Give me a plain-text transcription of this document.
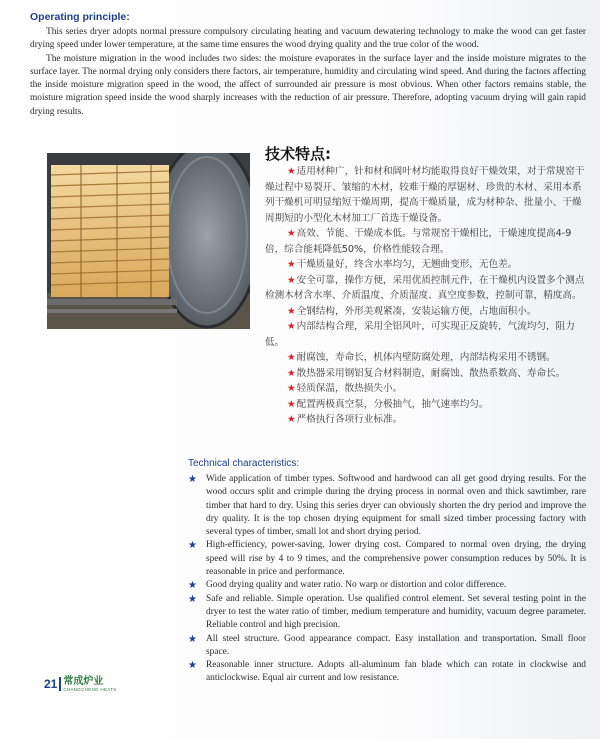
Operating principle:

This series dryer adopts normal pressure compulsory circulating heating and vacuum dewatering technology to make the wood can get faster drying speed under lower temperature, at the same time ensures the wood drying quality and the true color of the wood.

The moisture migration in the wood includes two sides: the moisture evaporates in the surface layer and the inside moisture migrates to the surface layer. The normal drying only considers there factors, air temperature, humidity and circulating wind speed. And during the factors affecting the inside moisture migration speed in the wood, the affect of surrounded air pressure is most obvious. When other factors remains stable, the moisture migration speed inside the wood sharply increases with the reduction of air pressure. Therefore, adopting vacuum drying will gain rapid drying results.

技术特点:

★适用材种广，针和材和阔叶材均能取得良好干燥效果，对于常规窑干燥过程中易裂开、皱缩的木材，较难干燥的厚锯材、珍贵的木材、采用本系列干燥机可明显缩短干燥周期，提高干燥质量，成为材种杂、批量小、干燥周期短的小型化木材加工厂首选干燥设备。

★高效、节能、干燥成本低。与常规窑干燥相比，干燥速度提高4-9倍，综合能耗降低50%，价格性能较合理。

★干燥质量好，终含水率均匀，无翘曲变形，无色差。

★安全可靠，操作方便，采用优质控制元件，在干燥机内设置多个测点检测木材含水率、介质温度、介质湿度、真空度参数，控制可靠，精度高。

★全钢结构，外形美观紧凑，安装运输方便，占地面积小。

★内部结构合理，采用全铝风叶，可实现正反旋转，气流均匀，阻力低。

★耐腐蚀，寿命长，机体内壁防腐处理，内部结构采用不锈钢。

★散热器采用钢铝复合材料制造，耐腐蚀、散热系数高、寿命长。

★轻质保温，散热损失小。

★配置两极真空泵，分极抽气，抽气速率均匀。

★严格执行各项行业标准。

Technical characteristics:

★ Wide application of timber types. Softwood and hardwood can all get good drying results. For the wood occurs split and crimple during the drying process in normal oven and thick sawtimber, rare timber that hard to dry. Using this series dryer can obviously shorten the dry period and improve the dry quality. It is the top chosen drying equipment for small sized timber processing factory with several types of timber, small lot and short drying period.

★ High-efficiency, power-saving, lower drying cost. Compared to normal oven drying, the drying speed will rise by 4 to 9 times, and the comprehensive power consumption reduces by 50%. It is reasonable in price and performance.

★ Good drying quality and water ratio. No warp or distortion and color difference.

★ Safe and reliable. Simple operation. Use qualified control element. Set several testing point in the dryer to test the water ratio of timber, medium temperature and humidity, vacuum degree parameter. Reliable control and high precision.

★ All steel structure. Good appearance compact. Easy installation and transportation. Small floor space.

★ Reasonable inner structure. Adopts all-aluminum fan blade which can rotate in clockwise and anticlockwise. Equal air current and low resistance.

21 常成炉业
CHANGCHENG HEATS
